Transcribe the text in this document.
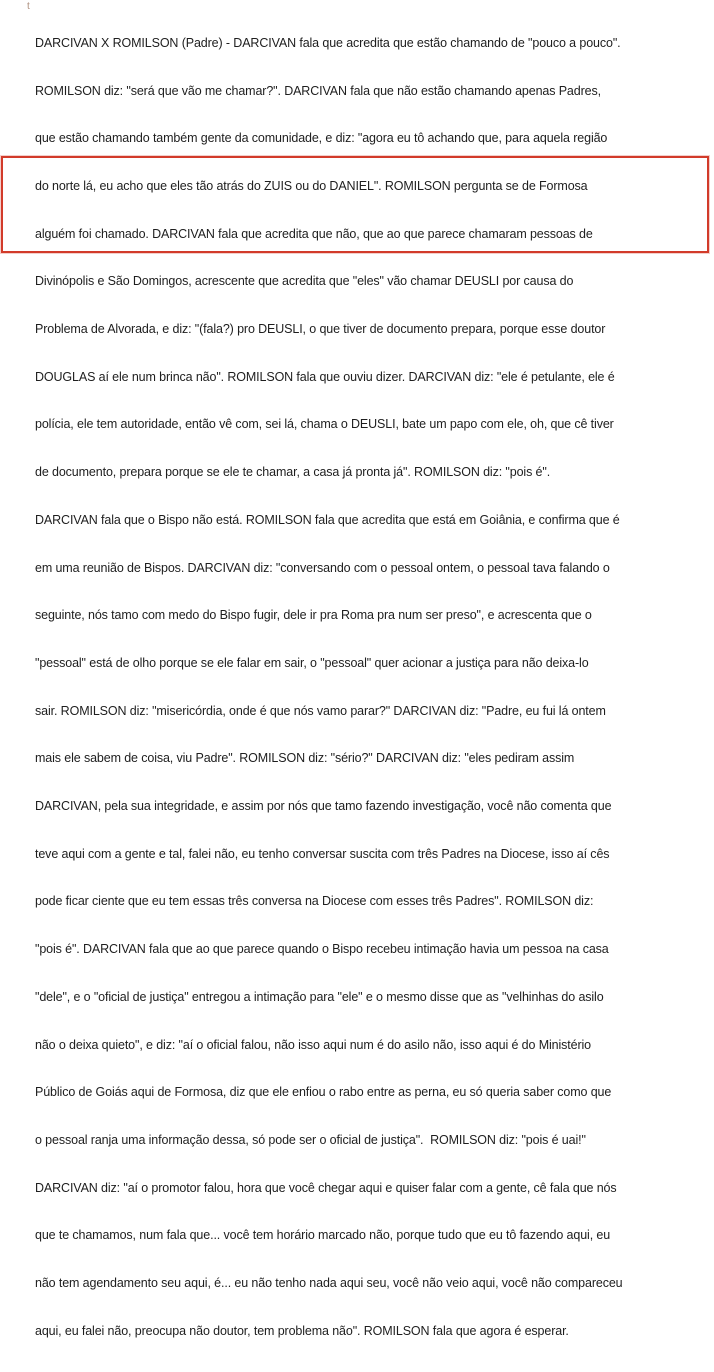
t

DARCIVAN X ROMILSON (Padre) - DARCIVAN fala que acredita que estão chamando de "pouco a pouco".

ROMILSON diz: "será que vão me chamar?". DARCIVAN fala que não estão chamando apenas Padres,

que estão chamando também gente da comunidade, e diz: "agora eu tô achando que, para aquela região

do norte lá, eu acho que eles tão atrás do ZUIS ou do DANIEL". ROMILSON pergunta se de Formosa

alguém foi chamado. DARCIVAN fala que acredita que não, que ao que parece chamaram pessoas de

Divinópolis e São Domingos, acrescente que acredita que "eles" vão chamar DEUSLI por causa do

Problema de Alvorada, e diz: "(fala?) pro DEUSLI, o que tiver de documento prepara, porque esse doutor

DOUGLAS aí ele num brinca não". ROMILSON fala que ouviu dizer. DARCIVAN diz: "ele é petulante, ele é

polícia, ele tem autoridade, então vê com, sei lá, chama o DEUSLI, bate um papo com ele, oh, que cê tiver

de documento, prepara porque se ele te chamar, a casa já pronta já". ROMILSON diz: "pois é".

DARCIVAN fala que o Bispo não está. ROMILSON fala que acredita que está em Goiânia, e confirma que é

em uma reunião de Bispos. DARCIVAN diz: "conversando com o pessoal ontem, o pessoal tava falando o

seguinte, nós tamo com medo do Bispo fugir, dele ir pra Roma pra num ser preso", e acrescenta que o

"pessoal" está de olho porque se ele falar em sair, o "pessoal" quer acionar a justiça para não deixa-lo

sair. ROMILSON diz: "misericórdia, onde é que nós vamo parar?" DARCIVAN diz: "Padre, eu fui lá ontem

mais ele sabem de coisa, viu Padre". ROMILSON diz: "sério?" DARCIVAN diz: "eles pediram assim

DARCIVAN, pela sua integridade, e assim por nós que tamo fazendo investigação, você não comenta que

teve aqui com a gente e tal, falei não, eu tenho conversar suscita com três Padres na Diocese, isso aí cês

pode ficar ciente que eu tem essas três conversa na Diocese com esses três Padres". ROMILSON diz:

"pois é". DARCIVAN fala que ao que parece quando o Bispo recebeu intimação havia um pessoa na casa

"dele", e o "oficial de justiça" entregou a intimação para "ele" e o mesmo disse que as "velhinhas do asilo

não o deixa quieto", e diz: "aí o oficial falou, não isso aqui num é do asilo não, isso aqui é do Ministério

Público de Goiás aqui de Formosa, diz que ele enfiou o rabo entre as perna, eu só queria saber como que

o pessoal ranja uma informação dessa, só pode ser o oficial de justiça".  ROMILSON diz: "pois é uai!"

DARCIVAN diz: "aí o promotor falou, hora que você chegar aqui e quiser falar com a gente, cê fala que nós

que te chamamos, num fala que... você tem horário marcado não, porque tudo que eu tô fazendo aqui, eu

não tem agendamento seu aqui, é... eu não tenho nada aqui seu, você não veio aqui, você não compareceu

aqui, eu falei não, preocupa não doutor, tem problema não". ROMILSON fala que agora é esperar.
